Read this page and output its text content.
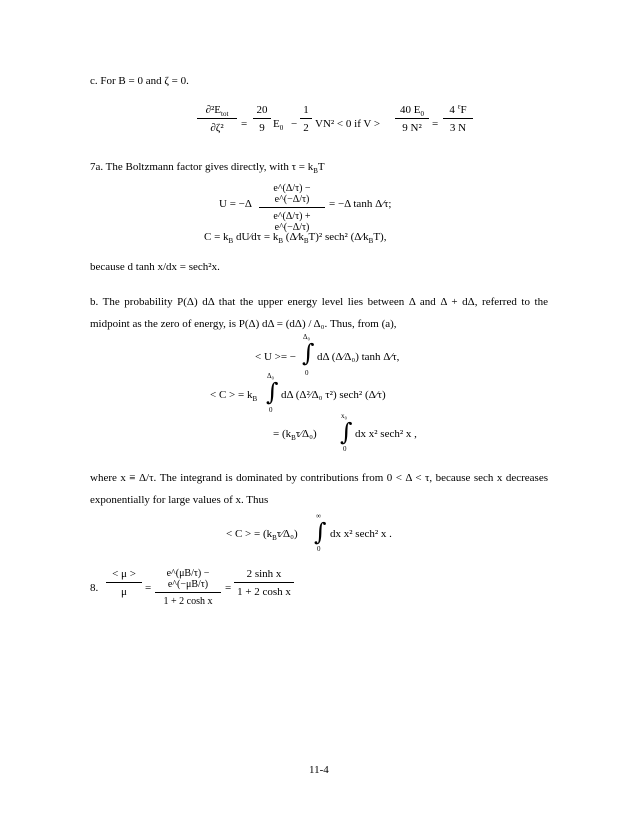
c. For B = 0 and ζ = 0.
$\partial^2E_{tot}$
∂ζ²	=
20
9 $E_0$ −
1
2 VN² < 0 if V >
40 $E_0$
9 N² =
4 $^\varepsilon$F
3 N
7a. The Boltzmann factor gives directly, with $\tau = k_BT$
U = −Δ
e^(Δ/τ) − e^(−Δ/τ)
e^(Δ/τ) + e^(−Δ/τ)
= −Δ tanh Δ⁄τ;
$C = k_B$ dU⁄dτ = $k_B$ $(\Delta⁄k_BT)^2$ sech² $(\Delta⁄k_BT)$,
because d tanh x/dx = sech²x.
b. The probability P(Δ) dΔ that the upper energy level lies between Δ and Δ + dΔ, referred to the midpoint as the zero of energy, is P(Δ) dΔ = (dΔ) / Δ₀. Thus, from (a),
< U >= −
Δ₀
∫
0
dΔ (Δ⁄Δ₀) tanh Δ⁄τ,
< C > = $k_B$
Δ₀
∫
0
dΔ (Δ²⁄Δ₀ τ²) sech² (Δ⁄τ)
= $(k_B\tau⁄\Delta_0)$
x₀
∫
0
dx x² sech² x ,
where x ≡ Δ/τ. The integrand is dominated by contributions from 0 < Δ < τ, because sech x decreases exponentially for large values of x. Thus
< C > = $(k_B\tau⁄\Delta_0)$
∞
∫
0
dx x² sech² x .
8.
< μ >
μ	=
e^(μB/τ) − e^(−μB/τ)
1 + 2 cosh x
=
2 sinh x
1 + 2 cosh x
11-4
